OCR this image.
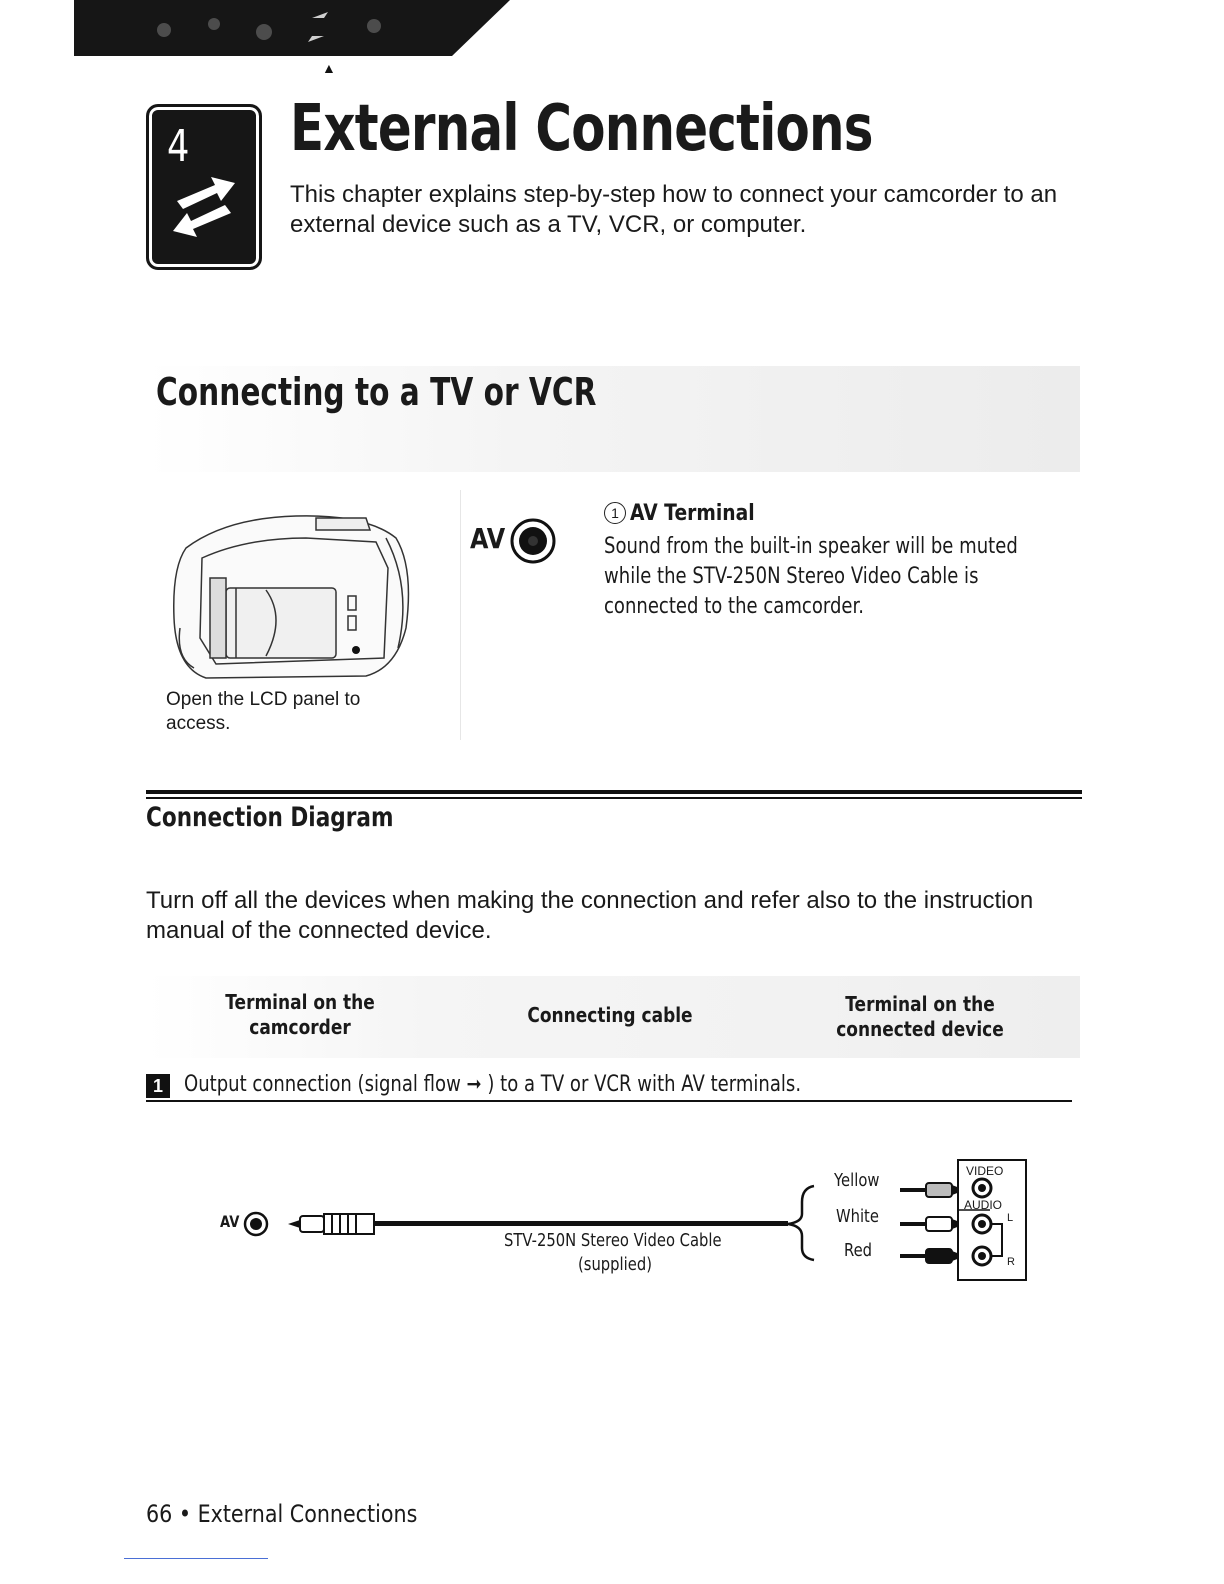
▲
4 External Connections
This chapter explains step-by-step how to connect your camcorder to an external device such as a TV, VCR, or computer.
Connecting to a TV or VCR
Open the LCD panel to access.
AV
1 AV Terminal
Sound from the built-in speaker will be muted while the STV-250N Stereo Video Cable is connected to the camcorder.
Connection Diagram
Turn off all the devices when making the connection and refer also to the instruction manual of the connected device.
Terminal on the camcorder	Connecting cable	Terminal on the connected device
1 Output connection (signal flow ➞ ) to a TV or VCR with AV terminals.
AV
STV-250N Stereo Video Cable
(supplied)
Yellow
White
Red
VIDEO
AUDIO
L
R
66 • External Connections
